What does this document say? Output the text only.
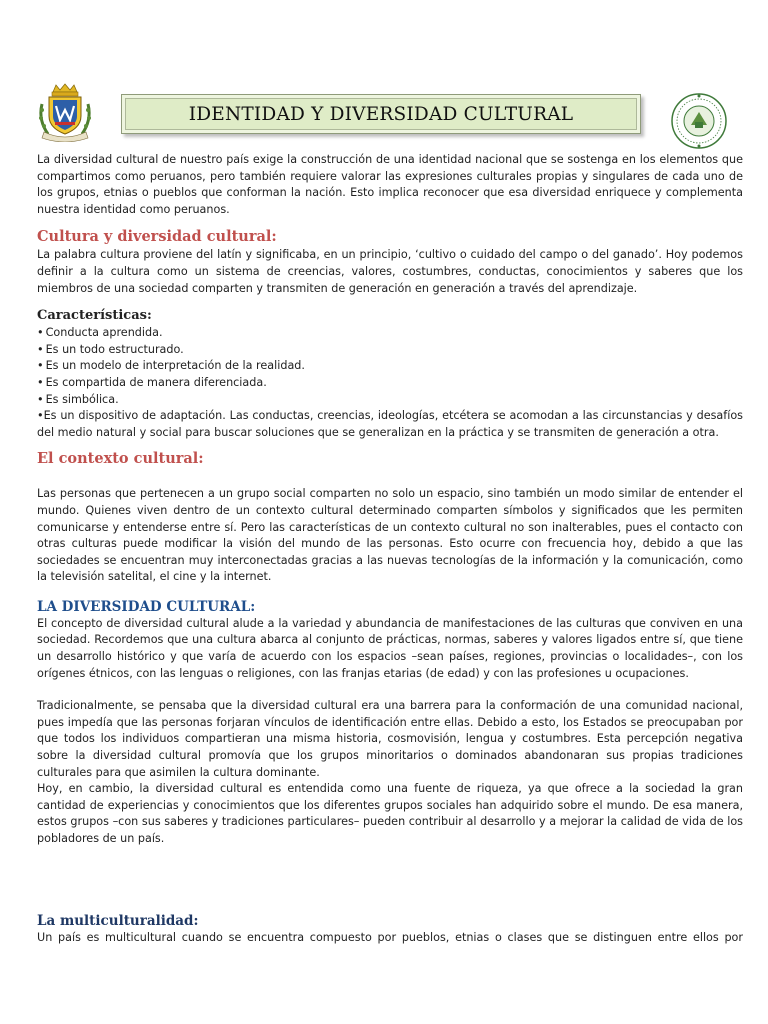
IDENTIDAD Y DIVERSIDAD CULTURAL

La diversidad cultural de nuestro país exige la construcción de una identidad nacional que se sostenga en los elementos que compartimos como peruanos, pero también requiere valorar las expresiones culturales propias y singulares de cada uno de los grupos, etnias o pueblos que conforman la nación. Esto implica reconocer que esa diversidad enriquece y complementa nuestra identidad como peruanos.

Cultura y diversidad cultural:

La palabra cultura proviene del latín y significaba, en un principio, ‘cultivo o cuidado del campo o del ganado’. Hoy podemos definir a la cultura como un sistema de creencias, valores, costumbres, conductas, conocimientos y saberes que los miembros de una sociedad comparten y transmiten de generación en generación a través del aprendizaje.

Características:
• Conducta aprendida.
• Es un todo estructurado.
• Es un modelo de interpretación de la realidad.
• Es compartida de manera diferenciada.
• Es simbólica.
• Es un dispositivo de adaptación. Las conductas, creencias, ideologías, etcétera se acomodan a las circunstancias y desafíos del medio natural y social para buscar soluciones que se generalizan en la práctica y se transmiten de generación a otra.
El contexto cultural:

Las personas que pertenecen a un grupo social comparten no solo un espacio, sino también un modo similar de entender el mundo. Quienes viven dentro de un contexto cultural determinado comparten símbolos y significados que les permiten comunicarse y entenderse entre sí. Pero las características de un contexto cultural no son inalterables, pues el contacto con otras culturas puede modificar la visión del mundo de las personas. Esto ocurre con frecuencia hoy, debido a que las sociedades se encuentran muy interconectadas gracias a las nuevas tecnologías de la información y la comunicación, como la televisión satelital, el cine y la internet.

LA DIVERSIDAD CULTURAL:

El concepto de diversidad cultural alude a la variedad y abundancia de manifestaciones de las culturas que conviven en una sociedad. Recordemos que una cultura abarca al conjunto de prácticas, normas, saberes y valores ligados entre sí, que tiene un desarrollo histórico y que varía de acuerdo con los espacios –sean países, regiones, provincias o localidades–, con los orígenes étnicos, con las lenguas o religiones, con las franjas etarias (de edad) y con las profesiones u ocupaciones.

Tradicionalmente, se pensaba que la diversidad cultural era una barrera para la conformación de una comunidad nacional, pues impedía que las personas forjaran vínculos de identificación entre ellas. Debido a esto, los Estados se preocupaban por que todos los individuos compartieran una misma historia, cosmovisión, lengua y costumbres. Esta percepción negativa sobre la diversidad cultural promovía que los grupos minoritarios o dominados abandonaran sus propias tradiciones culturales para que asimilen la cultura dominante.

Hoy, en cambio, la diversidad cultural es entendida como una fuente de riqueza, ya que ofrece a la sociedad la gran cantidad de experiencias y conocimientos que los diferentes grupos sociales han adquirido sobre el mundo. De esa manera, estos grupos –con sus saberes y tradiciones particulares– pueden contribuir al desarrollo y a mejorar la calidad de vida de los pobladores de un país.

La multiculturalidad:

Un país es multicultural cuando se encuentra compuesto por pueblos, etnias o clases que se distinguen entre ellos por
